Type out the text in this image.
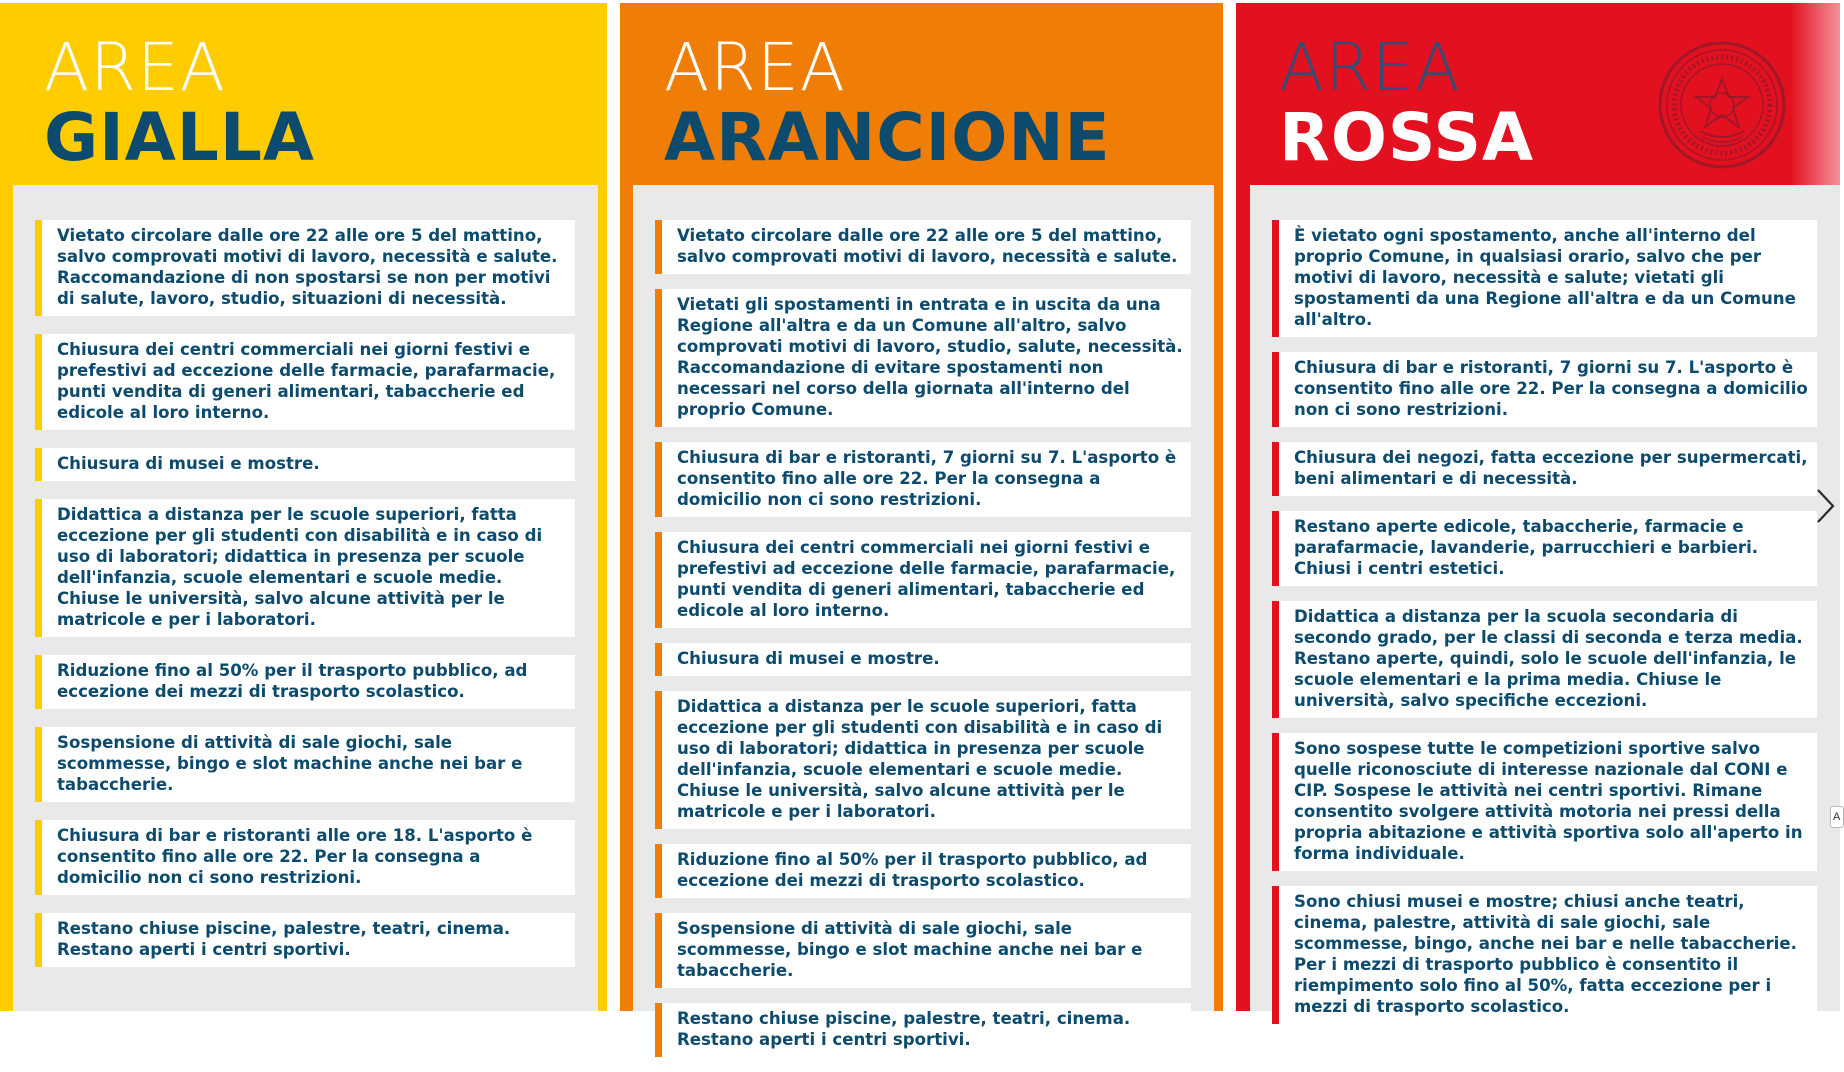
AREA
GIALLA
Vietato circolare dalle ore 22 alle ore 5 del mattino, salvo comprovati motivi di lavoro, necessità e salute. Raccomandazione di non spostarsi se non per motivi di salute, lavoro, studio, situazioni di necessità.
Chiusura dei centri commerciali nei giorni festivi e prefestivi ad eccezione delle farmacie, parafarmacie, punti vendita di generi alimentari, tabaccherie ed edicole al loro interno.
Chiusura di musei e mostre.
Didattica a distanza per le scuole superiori, fatta eccezione per gli studenti con disabilità e in caso di uso di laboratori; didattica in presenza per scuole dell'infanzia, scuole elementari e scuole medie. Chiuse le università, salvo alcune attività per le matricole e per i laboratori.
Riduzione fino al 50% per il trasporto pubblico, ad eccezione dei mezzi di trasporto scolastico.
Sospensione di attività di sale giochi, sale scommesse, bingo e slot machine anche nei bar e tabaccherie.
Chiusura di bar e ristoranti alle ore 18. L'asporto è consentito fino alle ore 22. Per la consegna a domicilio non ci sono restrizioni.
Restano chiuse piscine, palestre, teatri, cinema. Restano aperti i centri sportivi.
AREA
ARANCIONE
Vietato circolare dalle ore 22 alle ore 5 del mattino, salvo comprovati motivi di lavoro, necessità e salute.
Vietati gli spostamenti in entrata e in uscita da una Regione all'altra e da un Comune all'altro, salvo comprovati motivi di lavoro, studio, salute, necessità. Raccomandazione di evitare spostamenti non necessari nel corso della giornata all'interno del proprio Comune.
Chiusura di bar e ristoranti, 7 giorni su 7. L'asporto è consentito fino alle ore 22. Per la consegna a domicilio non ci sono restrizioni.
Chiusura dei centri commerciali nei giorni festivi e prefestivi ad eccezione delle farmacie, parafarmacie, punti vendita di generi alimentari, tabaccherie ed edicole al loro interno.
Chiusura di musei e mostre.
Didattica a distanza per le scuole superiori, fatta eccezione per gli studenti con disabilità e in caso di uso di laboratori; didattica in presenza per scuole dell'infanzia, scuole elementari e scuole medie. Chiuse le università, salvo alcune attività per le matricole e per i laboratori.
Riduzione fino al 50% per il trasporto pubblico, ad eccezione dei mezzi di trasporto scolastico.
Sospensione di attività di sale giochi, sale scommesse, bingo e slot machine anche nei bar e tabaccherie.
Restano chiuse piscine, palestre, teatri, cinema. Restano aperti i centri sportivi.
AREA
ROSSA
È vietato ogni spostamento, anche all'interno del proprio Comune, in qualsiasi orario, salvo che per motivi di lavoro, necessità e salute; vietati gli spostamenti da una Regione all'altra e da un Comune all'altro.
Chiusura di bar e ristoranti, 7 giorni su 7. L'asporto è consentito fino alle ore 22. Per la consegna a domicilio non ci sono restrizioni.
Chiusura dei negozi, fatta eccezione per supermercati, beni alimentari e di necessità.
Restano aperte edicole, tabaccherie, farmacie e parafarmacie, lavanderie, parrucchieri e barbieri. Chiusi i centri estetici.
Didattica a distanza per la scuola secondaria di secondo grado, per le classi di seconda e terza media. Restano aperte, quindi, solo le scuole dell'infanzia, le scuole elementari e la prima media. Chiuse le università, salvo specifiche eccezioni.
Sono sospese tutte le competizioni sportive salvo quelle riconosciute di interesse nazionale dal CONI e CIP. Sospese le attività nei centri sportivi. Rimane consentito svolgere attività motoria nei pressi della propria abitazione e attività sportiva solo all'aperto in forma individuale.
Sono chiusi musei e mostre; chiusi anche teatri, cinema, palestre, attività di sale giochi, sale scommesse, bingo, anche nei bar e nelle tabaccherie. Per i mezzi di trasporto pubblico è consentito il riempimento solo fino al 50%, fatta eccezione per i mezzi di trasporto scolastico.
A
